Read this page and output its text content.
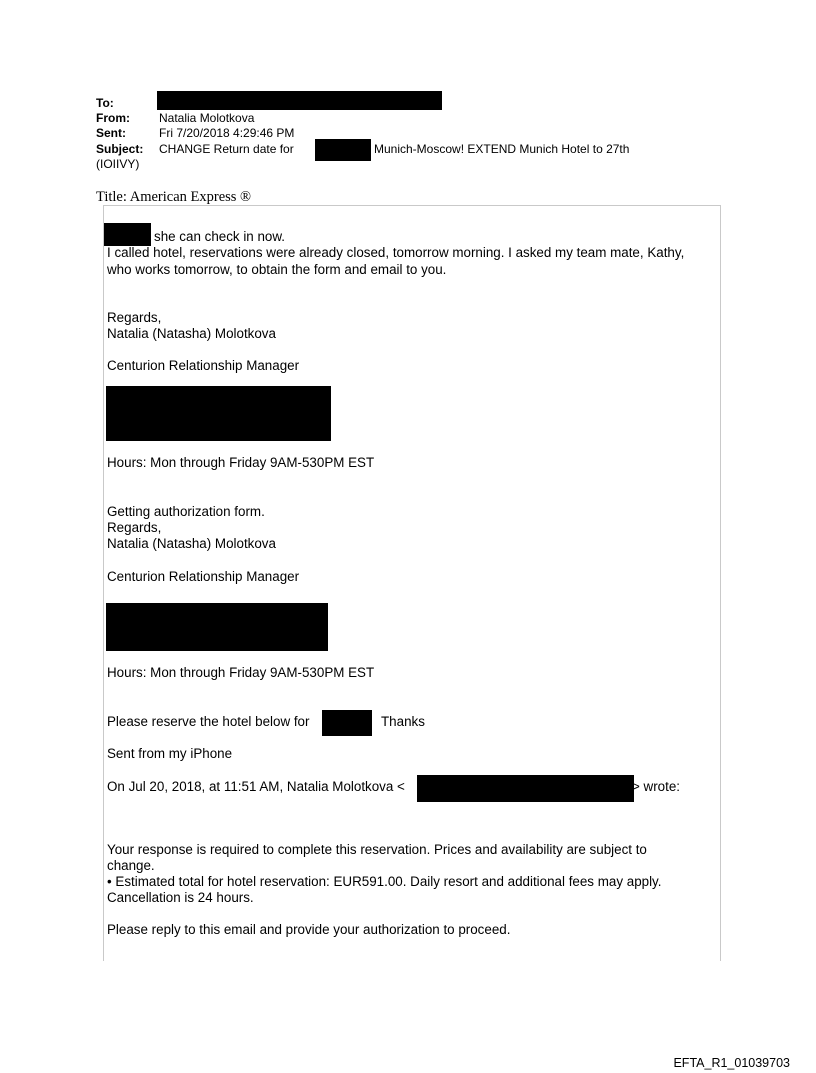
To:
From: Natalia Molotkova
Sent:	Fri 7/20/2018 4:29:46 PM
Subject: CHANGE Return date for	Munich-Moscow! EXTEND Munich Hotel to 27th
(IOIIVY)
Title: American Express ®
she can check in now.
I called hotel, reservations were already closed, tomorrow morning. I asked my team mate, Kathy,
who works tomorrow, to obtain the form and email to you.
Regards,
Natalia (Natasha) Molotkova
Centurion Relationship Manager
Hours: Mon through Friday 9AM-530PM EST
Getting authorization form.
Regards,
Natalia (Natasha) Molotkova
Centurion Relationship Manager
Hours: Mon through Friday 9AM-530PM EST
Please reserve the hotel below for	Thanks
Sent from my iPhone
On Jul 20, 2018, at 11:51 AM, Natalia Molotkova <	> wrote:
Your response is required to complete this reservation. Prices and availability are subject to
change.
• Estimated total for hotel reservation: EUR591.00. Daily resort and additional fees may apply.
Cancellation is 24 hours.
Please reply to this email and provide your authorization to proceed.
EFTA_R1_01039703
